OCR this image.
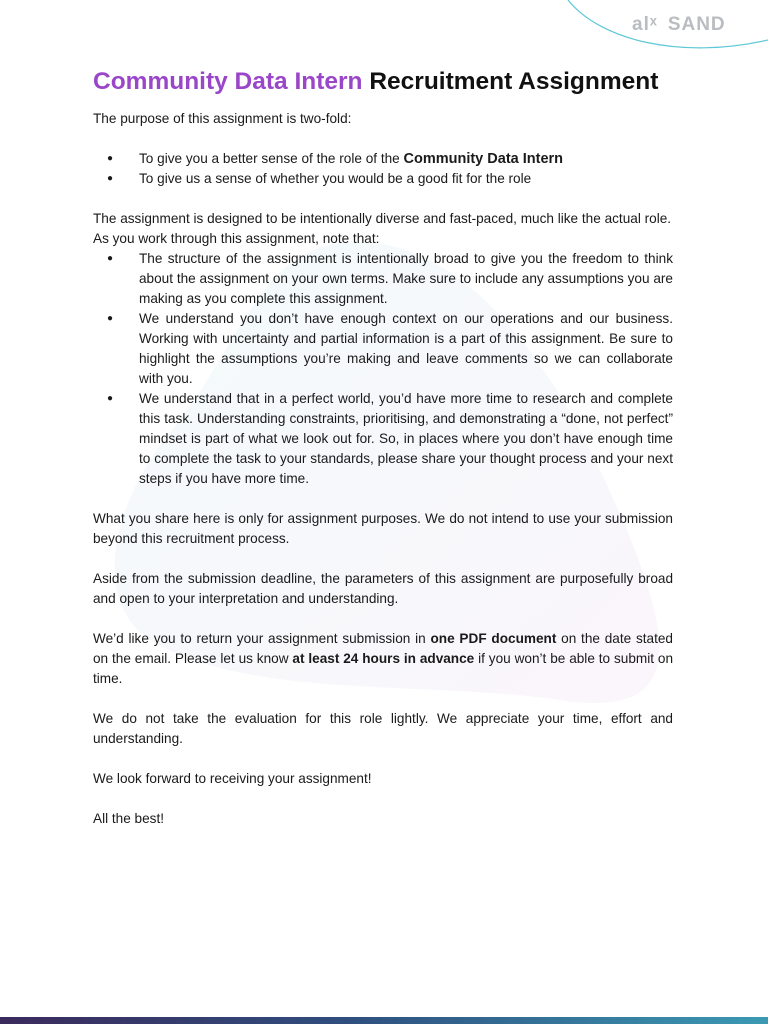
alˣ SAND
Community Data Intern Recruitment Assignment

The purpose of this assignment is two-fold:

● To give you a better sense of the role of the Community Data Intern
● To give us a sense of whether you would be a good fit for the role

The assignment is designed to be intentionally diverse and fast-paced, much like the actual role.

As you work through this assignment, note that:

● The structure of the assignment is intentionally broad to give you the freedom to think about the assignment on your own terms. Make sure to include any assumptions you are making as you complete this assignment.
● We understand you don’t have enough context on our operations and our business. Working with uncertainty and partial information is a part of this assignment. Be sure to highlight the assumptions you’re making and leave comments so we can collaborate with you.
● We understand that in a perfect world, you’d have more time to research and complete this task. Understanding constraints, prioritising, and demonstrating a “done, not perfect” mindset is part of what we look out for. So, in places where you don’t have enough time to complete the task to your standards, please share your thought process and your next steps if you have more time.

What you share here is only for assignment purposes. We do not intend to use your submission beyond this recruitment process.

Aside from the submission deadline, the parameters of this assignment are purposefully broad and open to your interpretation and understanding.

We’d like you to return your assignment submission in one PDF document on the date stated on the email. Please let us know at least 24 hours in advance if you won’t be able to submit on time.

We do not take the evaluation for this role lightly. We appreciate your time, effort and understanding.

We look forward to receiving your assignment!

All the best!
